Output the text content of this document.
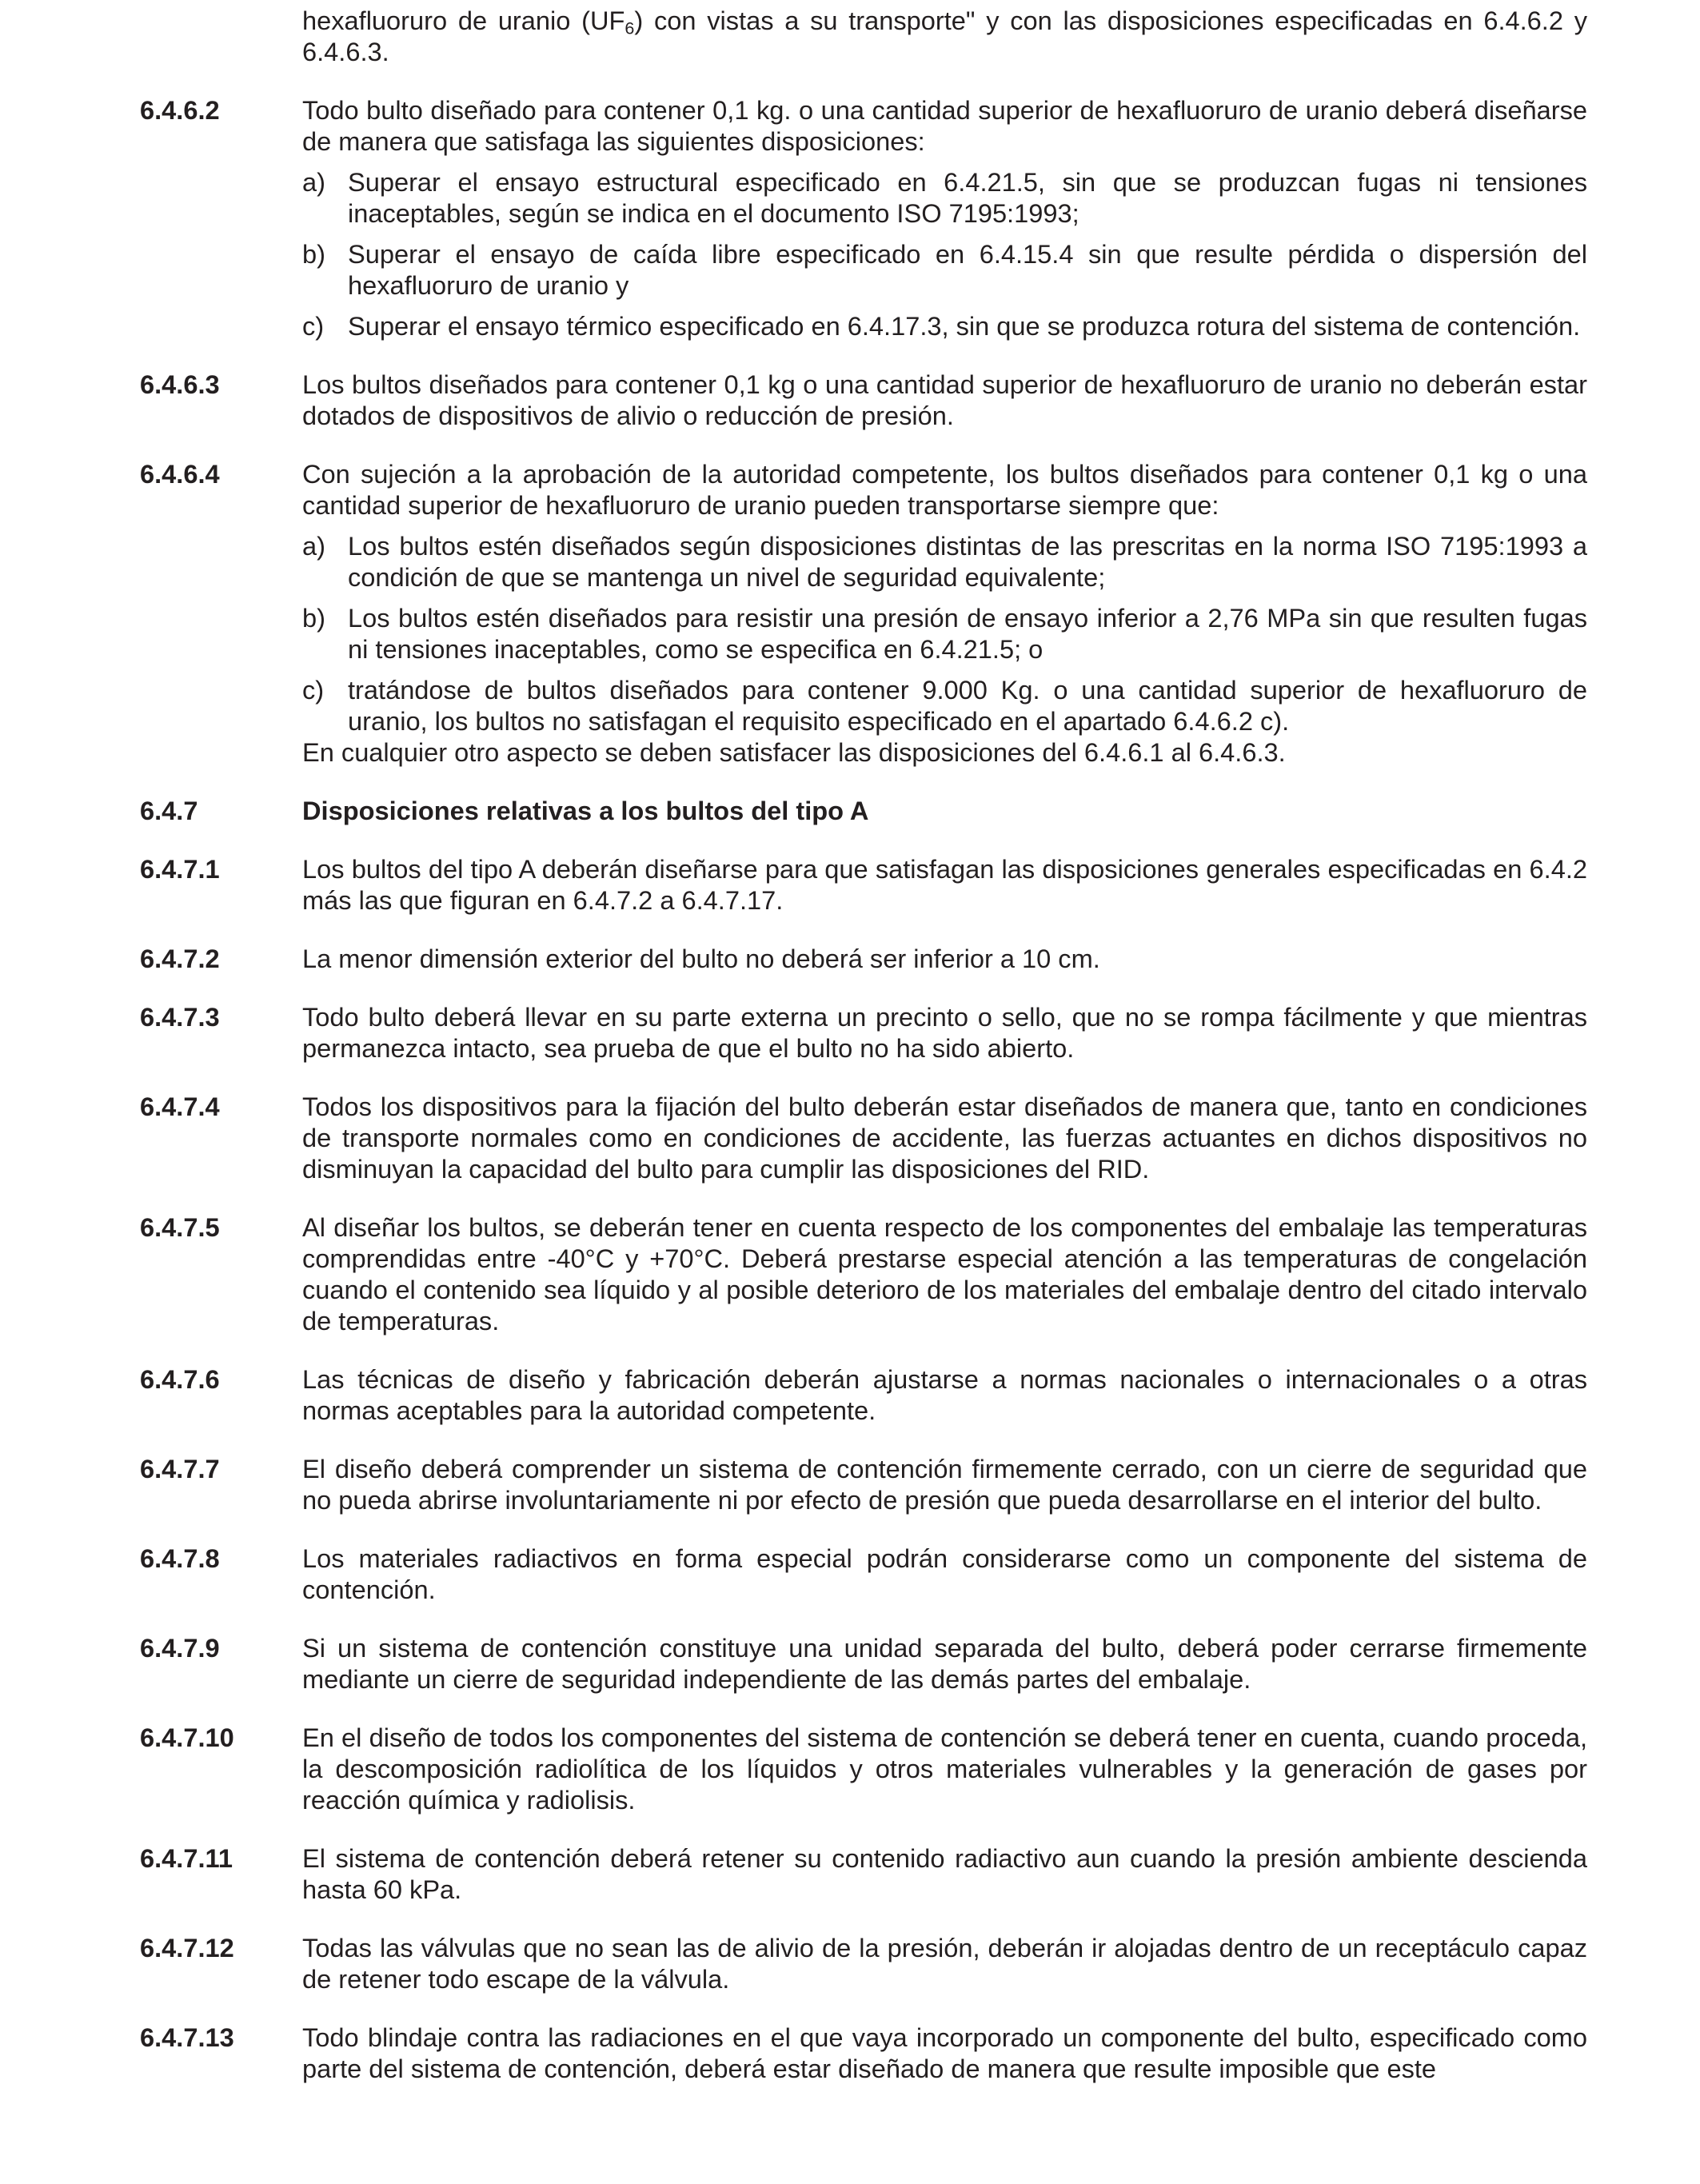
hexafluoruro de uranio $(UF_6)$ con vistas a su transporte" y con las disposiciones especificadas en 6.4.6.2 y 6.4.6.3.

6.4.6.2	Todo bulto diseñado para contener 0,1 kg. o una cantidad superior de hexafluoruro de uranio deberá diseñarse de manera que satisfaga las siguientes disposiciones:

a) Superar el ensayo estructural especificado en 6.4.21.5, sin que se produzcan fugas ni tensiones inaceptables, según se indica en el documento ISO 7195:1993;
b) Superar el ensayo de caída libre especificado en 6.4.15.4 sin que resulte pérdida o dispersión del hexafluoruro de uranio y
c) Superar el ensayo térmico especificado en 6.4.17.3, sin que se produzca rotura del sistema de contención.
6.4.6.3	Los bultos diseñados para contener 0,1 kg o una cantidad superior de hexafluoruro de uranio no deberán estar dotados de dispositivos de alivio o reducción de presión.

6.4.6.4	Con sujeción a la aprobación de la autoridad competente, los bultos diseñados para contener 0,1 kg o una cantidad superior de hexafluoruro de uranio pueden transportarse siempre que:

a) Los bultos estén diseñados según disposiciones distintas de las prescritas en la norma ISO 7195:1993 a condición de que se mantenga un nivel de seguridad equivalente;
b) Los bultos estén diseñados para resistir una presión de ensayo inferior a 2,76 MPa sin que resulten fugas ni tensiones inaceptables, como se especifica en 6.4.21.5; o
c) tratándose de bultos diseñados para contener 9.000 Kg. o una cantidad superior de hexafluoruro de uranio, los bultos no satisfagan el requisito especificado en el apartado 6.4.6.2 c).

En cualquier otro aspecto se deben satisfacer las disposiciones del 6.4.6.1 al 6.4.6.3.

6.4.7	Disposiciones relativas a los bultos del tipo A

6.4.7.1	Los bultos del tipo A deberán diseñarse para que satisfagan las disposiciones generales especificadas en 6.4.2 más las que figuran en 6.4.7.2 a 6.4.7.17.

6.4.7.2	La menor dimensión exterior del bulto no deberá ser inferior a 10 cm.

6.4.7.3	Todo bulto deberá llevar en su parte externa un precinto o sello, que no se rompa fácilmente y que mientras permanezca intacto, sea prueba de que el bulto no ha sido abierto.

6.4.7.4	Todos los dispositivos para la fijación del bulto deberán estar diseñados de manera que, tanto en condiciones de transporte normales como en condiciones de accidente, las fuerzas actuantes en dichos dispositivos no disminuyan la capacidad del bulto para cumplir las disposiciones del RID.

6.4.7.5	Al diseñar los bultos, se deberán tener en cuenta respecto de los componentes del embalaje las temperaturas comprendidas entre -40°C y +70°C. Deberá prestarse especial atención a las temperaturas de congelación cuando el contenido sea líquido y al posible deterioro de los materiales del embalaje dentro del citado intervalo de temperaturas.

6.4.7.6	Las técnicas de diseño y fabricación deberán ajustarse a normas nacionales o internacionales o a otras normas aceptables para la autoridad competente.

6.4.7.7	El diseño deberá comprender un sistema de contención firmemente cerrado, con un cierre de seguridad que no pueda abrirse involuntariamente ni por efecto de presión que pueda desarrollarse en el interior del bulto.

6.4.7.8	Los materiales radiactivos en forma especial podrán considerarse como un componente del sistema de contención.

6.4.7.9	Si un sistema de contención constituye una unidad separada del bulto, deberá poder cerrarse firmemente mediante un cierre de seguridad independiente de las demás partes del embalaje.

6.4.7.10	En el diseño de todos los componentes del sistema de contención se deberá tener en cuenta, cuando proceda, la descomposición radiolítica de los líquidos y otros materiales vulnerables y la generación de gases por reacción química y radiolisis.

6.4.7.11	El sistema de contención deberá retener su contenido radiactivo aun cuando la presión ambiente descienda hasta 60 kPa.

6.4.7.12	Todas las válvulas que no sean las de alivio de la presión, deberán ir alojadas dentro de un receptáculo capaz de retener todo escape de la válvula.

6.4.7.13	Todo blindaje contra las radiaciones en el que vaya incorporado un componente del bulto, especificado como parte del sistema de contención, deberá estar diseñado de manera que resulte imposible que este
